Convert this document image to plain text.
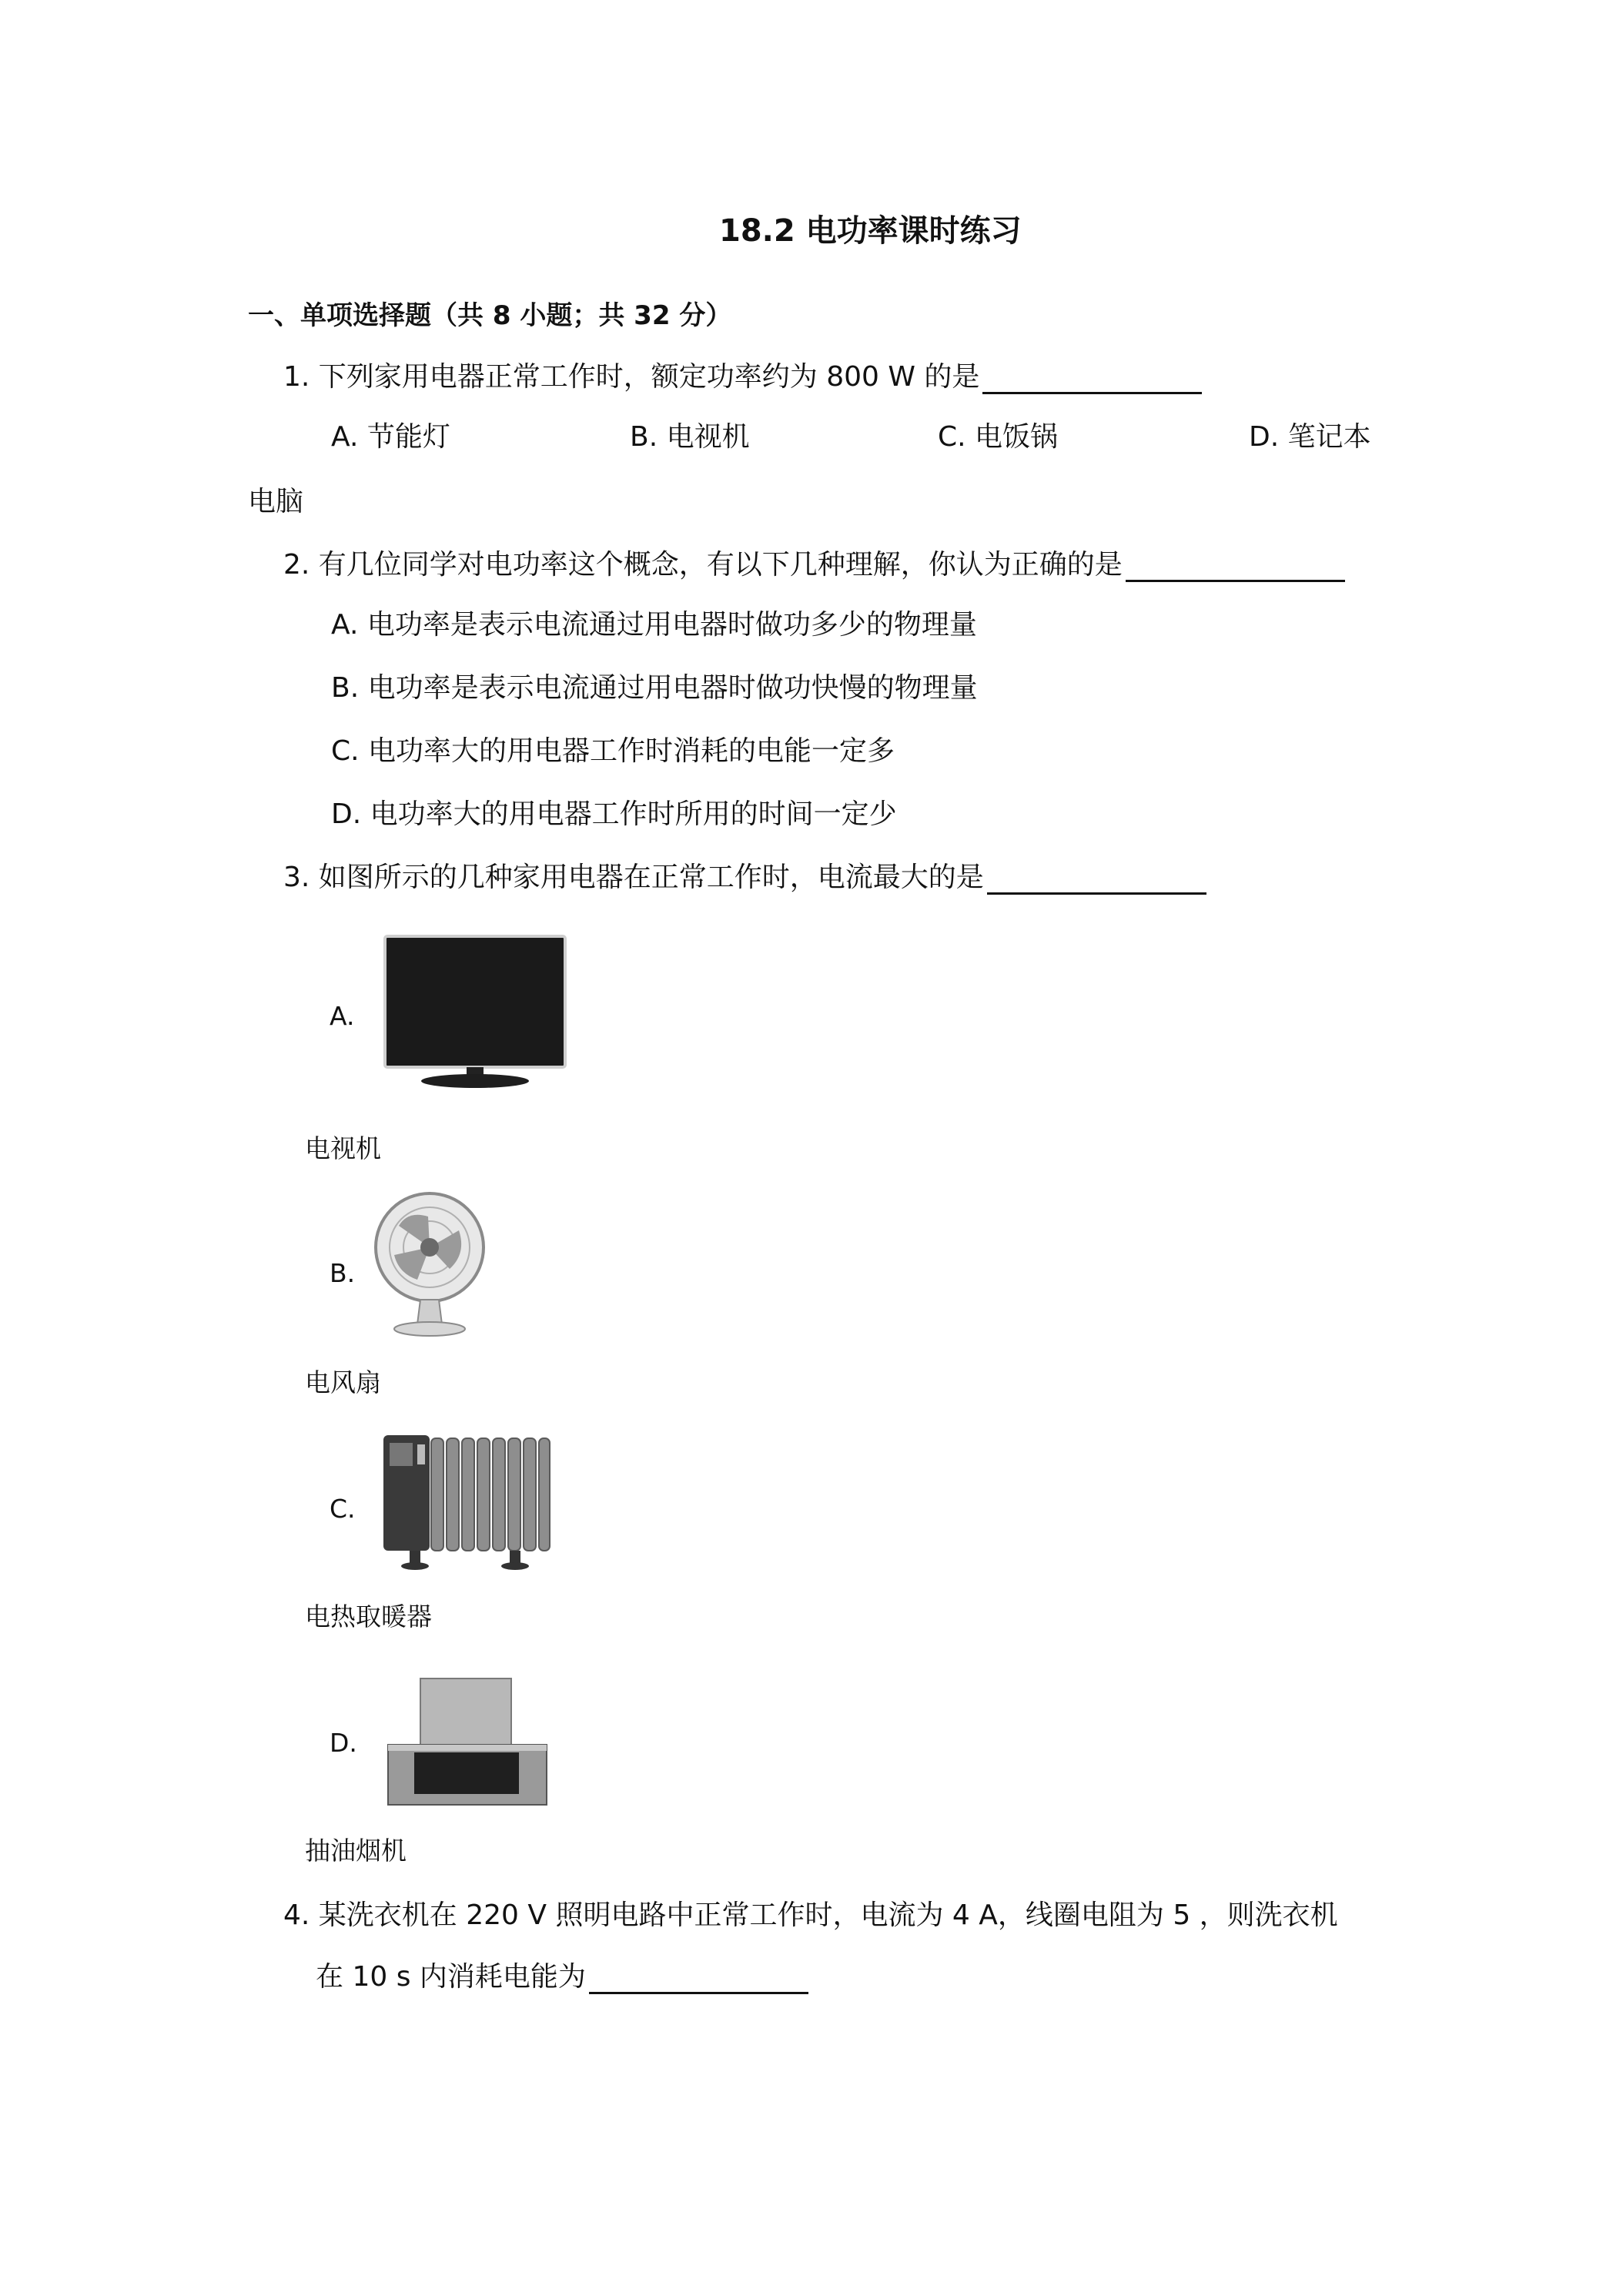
18.2 电功率课时练习
一、单项选择题（共 8 小题；共 32 分）
1. 下列家用电器正常工作时，额定功率约为 800 W 的是
A. 节能灯	B. 电视机	C. 电饭锅	D. 笔记本
电脑
2. 有几位同学对电功率这个概念，有以下几种理解，你认为正确的是
A. 电功率是表示电流通过用电器时做功多少的物理量
B. 电功率是表示电流通过用电器时做功快慢的物理量
C. 电功率大的用电器工作时消耗的电能一定多
D. 电功率大的用电器工作时所用的时间一定少
3. 如图所示的几种家用电器在正常工作时，电流最大的是
A.
电视机
B.
电风扇
C.
电热取暖器
D.
抽油烟机
4. 某洗衣机在 220 V 照明电路中正常工作时，电流为 4 A，线圈电阻为 5 ，则洗衣机
在 10 s 内消耗电能为
